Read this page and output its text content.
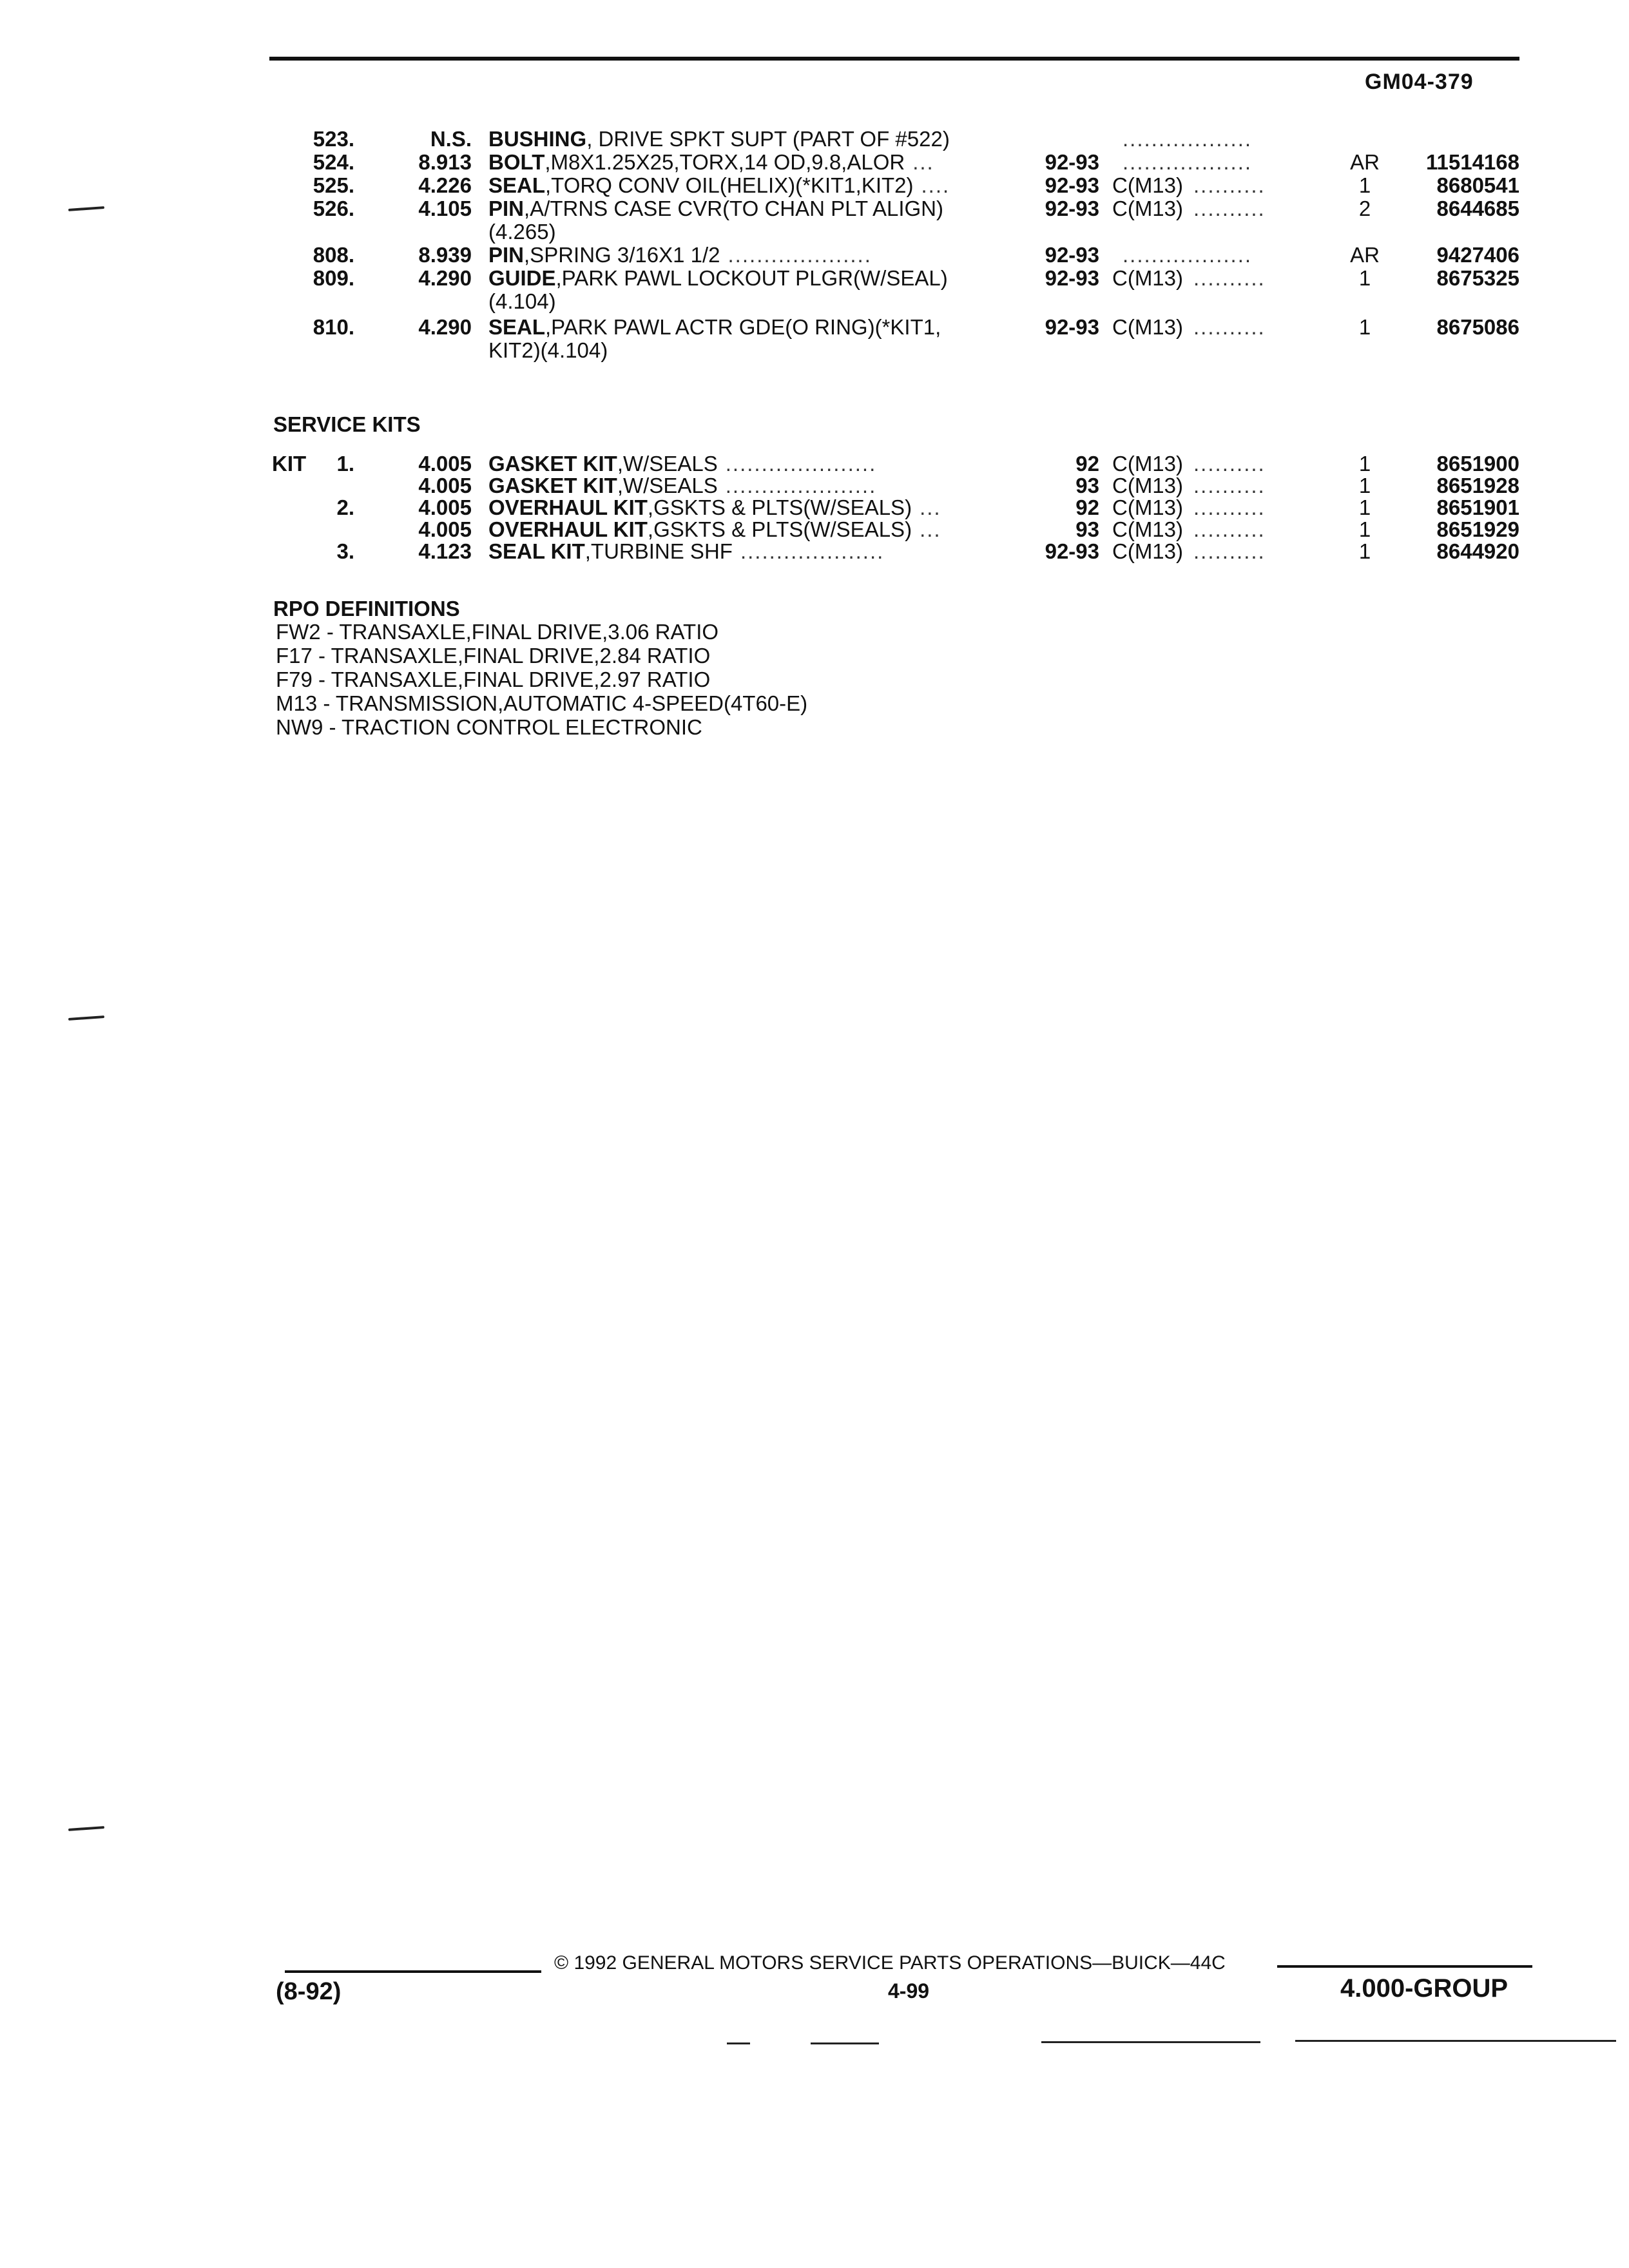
GM04-379
523.	N.S. BUSHING, DRIVE SPKT SUPT (PART OF #522)	..................
524.	8.913 BOLT,M8X1.25X25,TORX,14 OD,9.8,ALOR ...	92-93	..................	AR	11514168
525.	4.226 SEAL,TORQ CONV OIL(HELIX)(*KIT1,KIT2) ....	92-93 C(M13) ..........	1	8680541
526.	4.105 PIN,A/TRNS CASE CVR(TO CHAN PLT ALIGN)	92-93 C(M13) ..........	2	8644685
(4.265)
808.	8.939 PIN,SPRING 3/16X1 1/2 ....................	92-93	..................	AR	9427406
809.	4.290 GUIDE,PARK PAWL LOCKOUT PLGR(W/SEAL)	92-93 C(M13) ..........	1	8675325
(4.104)
810.	4.290 SEAL,PARK PAWL ACTR GDE(O RING)(*KIT1,	92-93 C(M13) ..........	1	8675086
KIT2)(4.104)
SERVICE KITS
KIT	1.	4.005 GASKET KIT,W/SEALS .....................	92 C(M13) ..........	1	8651900
4.005 GASKET KIT,W/SEALS .....................	93 C(M13) ..........	1	8651928
2.	4.005 OVERHAUL KIT,GSKTS & PLTS(W/SEALS) ...	92 C(M13) ..........	1	8651901
4.005 OVERHAUL KIT,GSKTS & PLTS(W/SEALS) ...	93 C(M13) ..........	1	8651929
3.	4.123 SEAL KIT,TURBINE SHF ....................	92-93 C(M13) ..........	1	8644920
RPO DEFINITIONS
FW2 - TRANSAXLE,FINAL DRIVE,3.06 RATIO
F17 - TRANSAXLE,FINAL DRIVE,2.84 RATIO
F79 - TRANSAXLE,FINAL DRIVE,2.97 RATIO
M13 - TRANSMISSION,AUTOMATIC 4-SPEED(4T60-E)
NW9 - TRACTION CONTROL ELECTRONIC
© 1992 GENERAL MOTORS SERVICE PARTS OPERATIONS—BUICK—44C
(8-92)	4-99	4.000-GROUP
